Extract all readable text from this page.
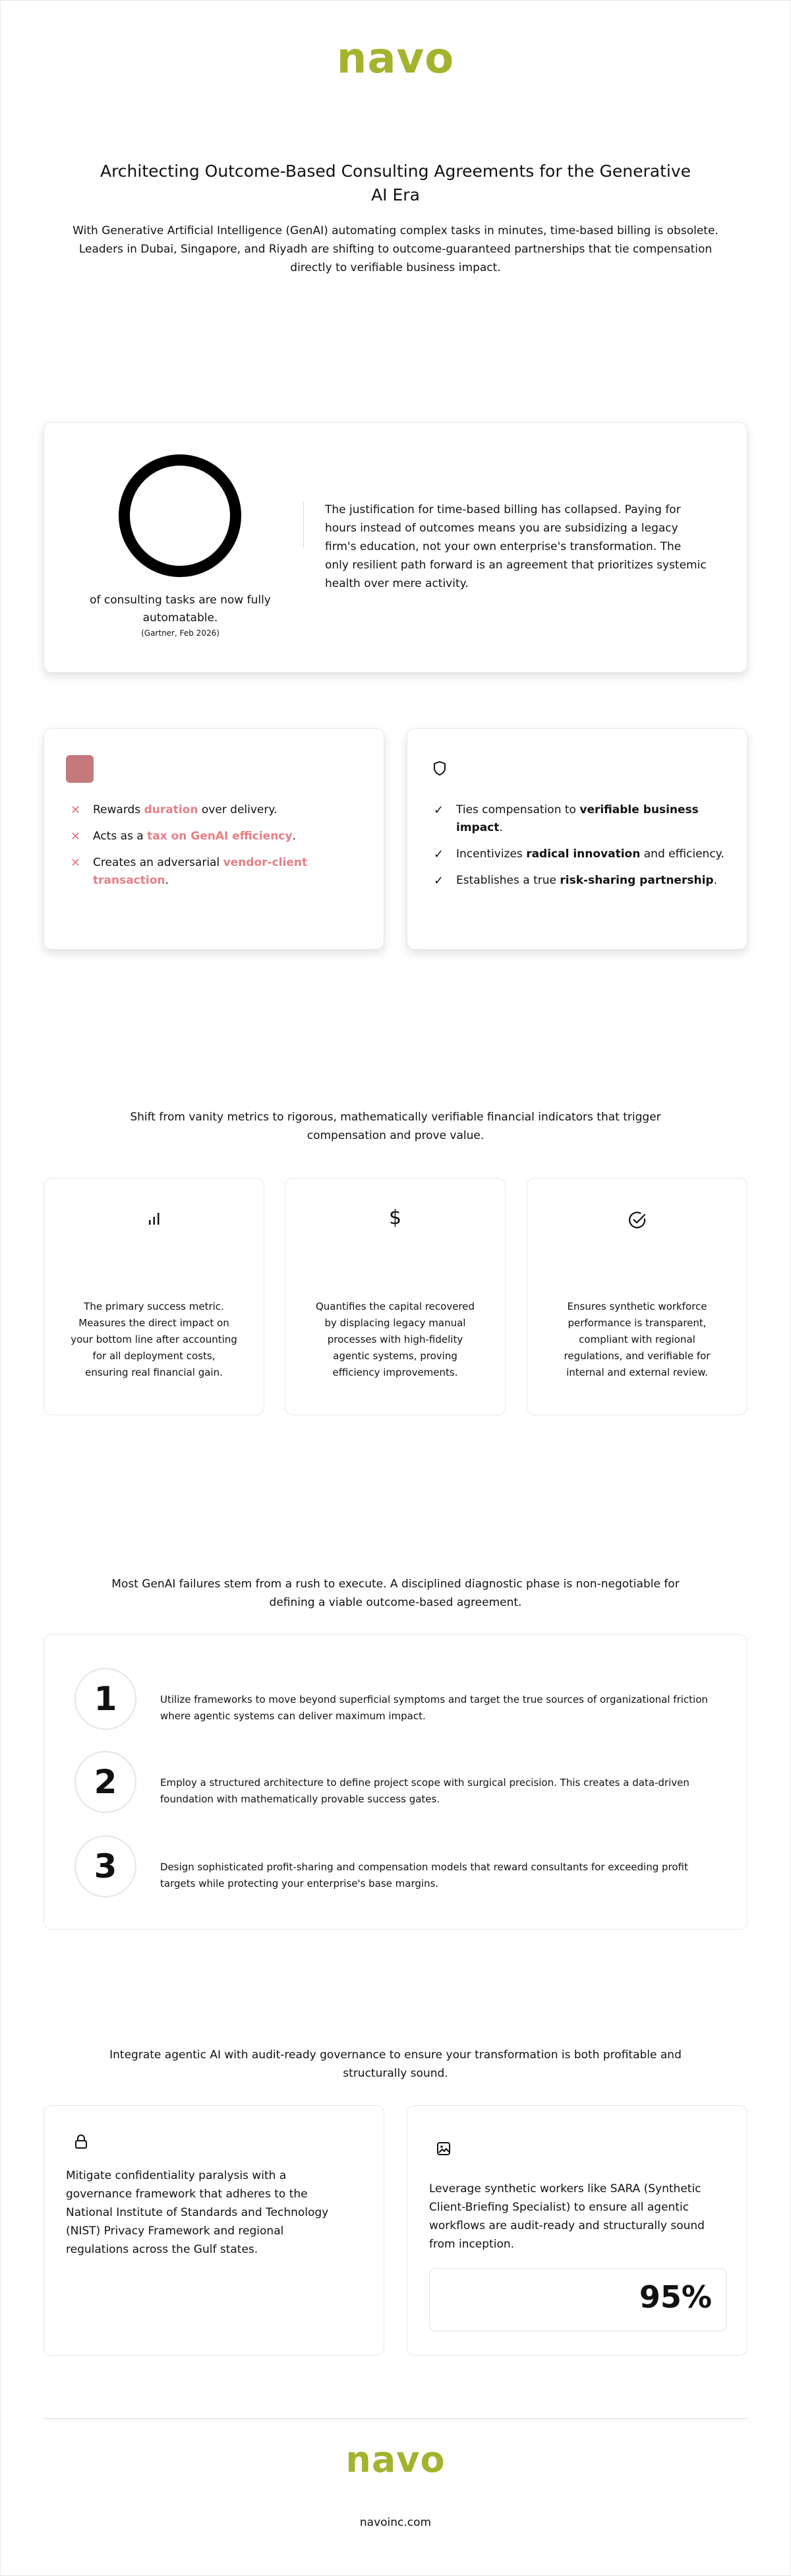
navo
Architecting Outcome-Based Consulting Agreements for the Generative AI Era

With Generative Artificial Intelligence (GenAI) automating complex tasks in minutes, time-based billing is obsolete. Leaders in Dubai, Singapore, and Riyadh are shifting to outcome-guaranteed partnerships that tie compensation directly to verifiable business impact.

of consulting tasks are now fully automatable.

(Gartner, Feb 2026)

The justification for time-based billing has collapsed. Paying for hours instead of outcomes means you are subsidizing a legacy firm's education, not your own enterprise's transformation. The only resilient path forward is an agreement that prioritizes systemic health over mere activity.

✕ Rewards duration over delivery.
✕ Acts as a tax on GenAI efficiency.
✕ Creates an adversarial vendor-client transaction.
✓ Ties compensation to verifiable business impact.
✓ Incentivizes radical innovation and efficiency.
✓ Establishes a true risk-sharing partnership.

Shift from vanity metrics to rigorous, mathematically verifiable financial indicators that trigger compensation and prove value.

The primary success metric. Measures the direct impact on your bottom line after accounting for all deployment costs, ensuring real financial gain.

$

Quantifies the capital recovered by displacing legacy manual processes with high-fidelity agentic systems, proving efficiency improvements.

Ensures synthetic workforce performance is transparent, compliant with regional regulations, and verifiable for internal and external review.

Most GenAI failures stem from a rush to execute. A disciplined diagnostic phase is non-negotiable for defining a viable outcome-based agreement.

1	Utilize frameworks to move beyond superficial symptoms and target the true sources of organizational friction where agentic systems can deliver maximum impact.

2	Employ a structured architecture to define project scope with surgical precision. This creates a data-driven foundation with mathematically provable success gates.

3	Design sophisticated profit-sharing and compensation models that reward consultants for exceeding profit targets while protecting your enterprise's base margins.

Integrate agentic AI with audit-ready governance to ensure your transformation is both profitable and structurally sound.

Mitigate confidentiality paralysis with a governance framework that adheres to the National Institute of Standards and Technology (NIST) Privacy Framework and regional regulations across the Gulf states.

Leverage synthetic workers like SARA (Synthetic Client-Briefing Specialist) to ensure all agentic workflows are audit-ready and structurally sound from inception.

95%
navo

navoinc.com
